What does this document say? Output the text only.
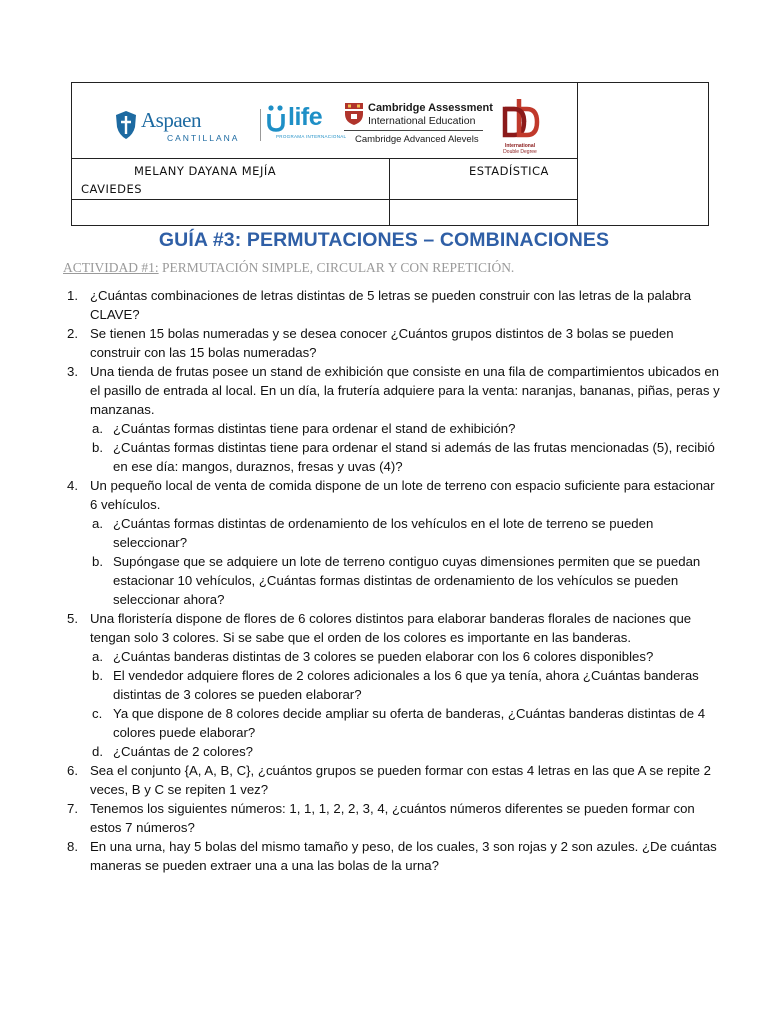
Aspaen
CANTILLANA
life
PROGRAMA INTERNACIONAL
Cambridge Assessment
International Education
Cambridge Advanced Alevels
International
Double Degree
MELANY DAYANA MEJÍA
CAVIEDES
ESTADÍSTICA
GUÍA #3: PERMUTACIONES – COMBINACIONES
ACTIVIDAD #1: PERMUTACIÓN SIMPLE, CIRCULAR Y CON REPETICIÓN.
1. ¿Cuántas combinaciones de letras distintas de 5 letras se pueden construir con las letras de la palabra CLAVE?
2. Se tienen 15 bolas numeradas y se desea conocer ¿Cuántos grupos distintos de 3 bolas se pueden construir con las 15 bolas numeradas?
3. Una tienda de frutas posee un stand de exhibición que consiste en una fila de compartimientos ubicados en el pasillo de entrada al local. En un día, la frutería adquiere para la venta: naranjas, bananas, piñas, peras y manzanas.
a. ¿Cuántas formas distintas tiene para ordenar el stand de exhibición?
b. ¿Cuántas formas distintas tiene para ordenar el stand si además de las frutas mencionadas (5), recibió en ese día: mangos, duraznos, fresas y uvas (4)?
4. Un pequeño local de venta de comida dispone de un lote de terreno con espacio suficiente para estacionar 6 vehículos.
a. ¿Cuántas formas distintas de ordenamiento de los vehículos en el lote de terreno se pueden seleccionar?
b. Supóngase que se adquiere un lote de terreno contiguo cuyas dimensiones permiten que se puedan estacionar 10 vehículos, ¿Cuántas formas distintas de ordenamiento de los vehículos se pueden seleccionar ahora?
5. Una floristería dispone de flores de 6 colores distintos para elaborar banderas florales de naciones que tengan solo 3 colores. Si se sabe que el orden de los colores es importante en las banderas.
a. ¿Cuántas banderas distintas de 3 colores se pueden elaborar con los 6 colores disponibles?
b. El vendedor adquiere flores de 2 colores adicionales a los 6 que ya tenía, ahora ¿Cuántas banderas distintas de 3 colores se pueden elaborar?
c. Ya que dispone de 8 colores decide ampliar su oferta de banderas, ¿Cuántas banderas distintas de 4 colores puede elaborar?
d. ¿Cuántas de 2 colores?
6. Sea el conjunto {A, A, B, C}, ¿cuántos grupos se pueden formar con estas 4 letras en las que A se repite 2 veces, B y C se repiten 1 vez?
7. Tenemos los siguientes números: 1, 1, 1, 2, 2, 3, 4, ¿cuántos números diferentes se pueden formar con estos 7 números?
8. En una urna, hay 5 bolas del mismo tamaño y peso, de los cuales, 3 son rojas y 2 son azules. ¿De cuántas maneras se pueden extraer una a una las bolas de la urna?
